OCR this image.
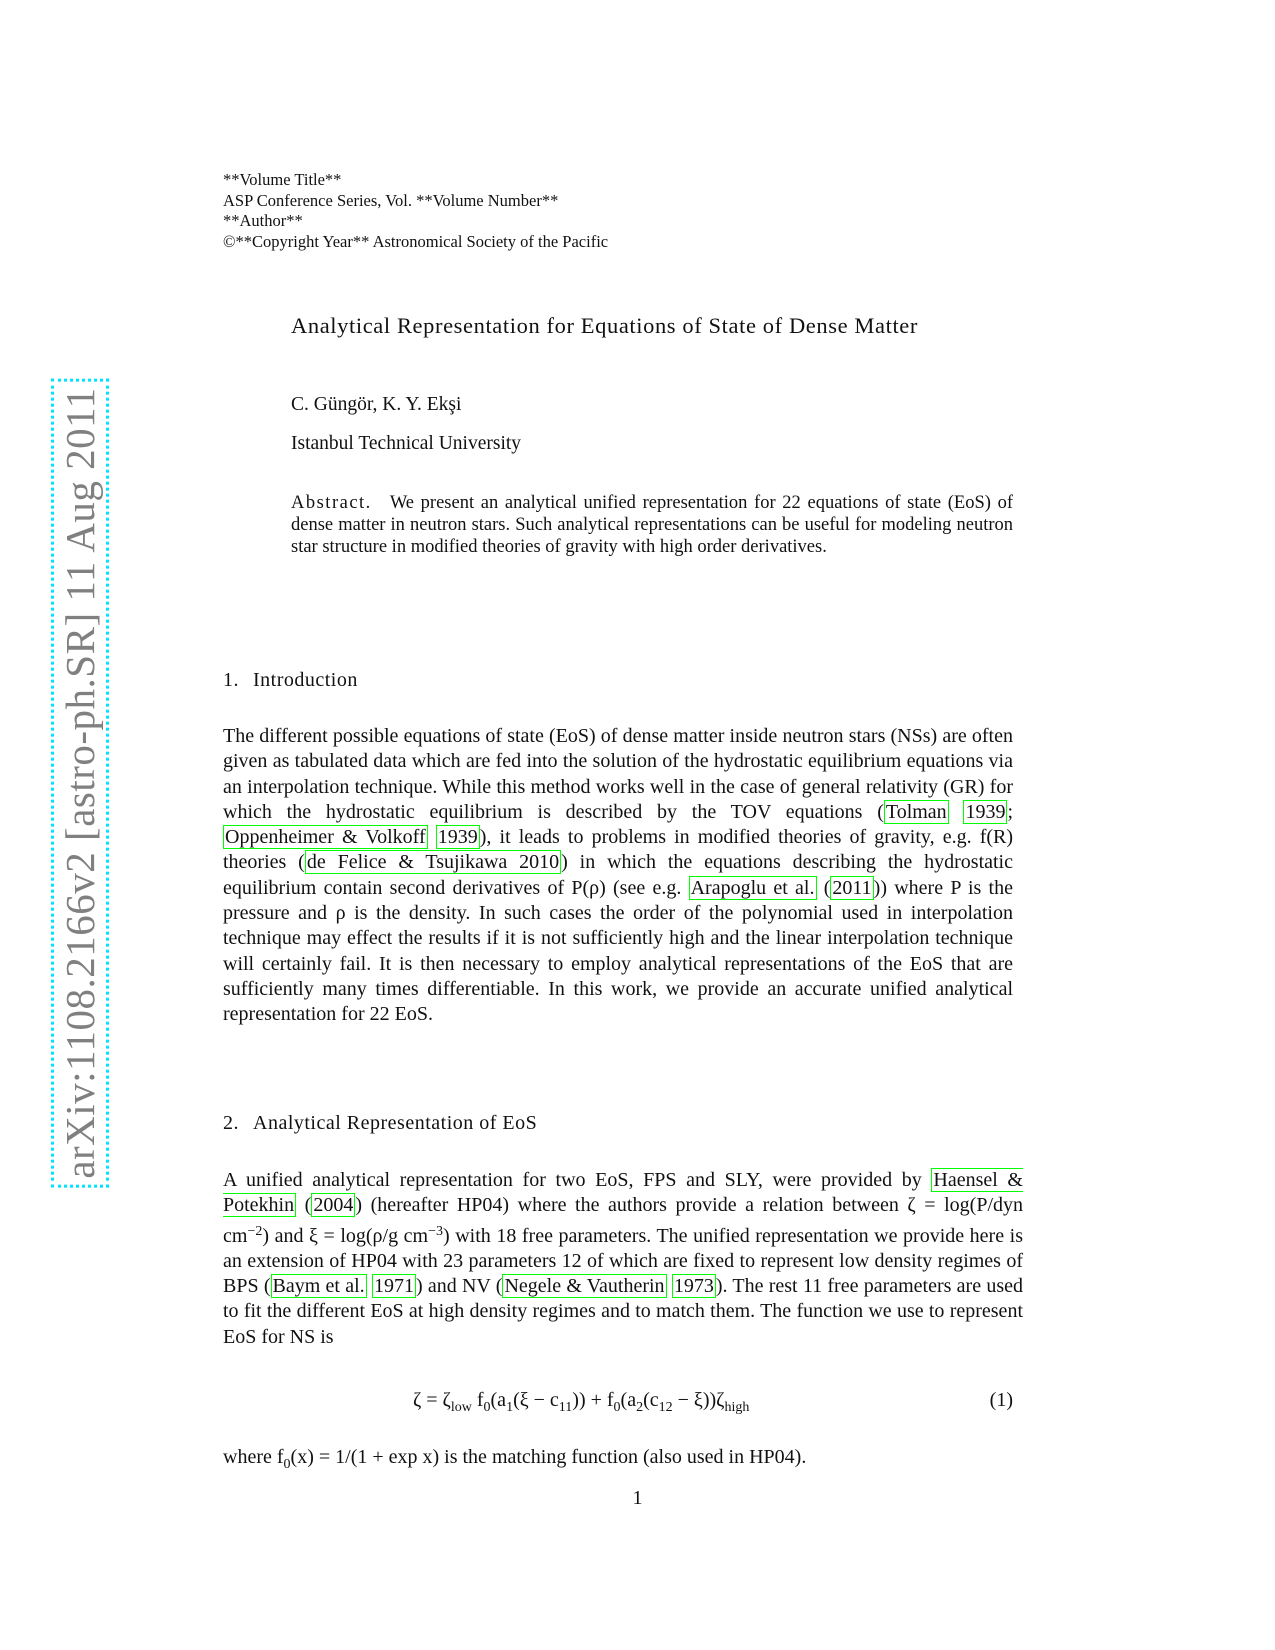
arXiv:1108.2166v2 [astro-ph.SR] 11 Aug 2011
**Volume Title**
ASP Conference Series, Vol. **Volume Number**
**Author**
©**Copyright Year** Astronomical Society of the Pacific
Analytical Representation for Equations of State of Dense Matter
C. Güngör, K. Y. Ekşi
Istanbul Technical University
Abstract. We present an analytical unified representation for 22 equations of state (EoS) of dense matter in neutron stars. Such analytical representations can be useful for modeling neutron star structure in modified theories of gravity with high order derivatives.
1. Introduction
The different possible equations of state (EoS) of dense matter inside neutron stars (NSs) are often given as tabulated data which are fed into the solution of the hydrostatic equilibrium equations via an interpolation technique. While this method works well in the case of general relativity (GR) for which the hydrostatic equilibrium is described by the TOV equations ( Tolman 1939 ; Oppenheimer & Volkoff 1939 ), it leads to problems in modified theories of gravity, e.g. f(R) theories ( de Felice & Tsujikawa 2010 ) in which the equations describing the hydrostatic equilibrium contain second derivatives of P(ρ) (see e.g. Arapoglu et al. ( 2011 )) where P is the pressure and ρ is the density. In such cases the order of the polynomial used in interpolation technique may effect the results if it is not sufficiently high and the linear interpolation technique will certainly fail. It is then necessary to employ analytical representations of the EoS that are sufficiently many times differentiable. In this work, we provide an accurate unified analytical representation for 22 EoS.
2. Analytical Representation of EoS
A unified analytical representation for two EoS, FPS and SLY, were provided by Haensel & Potekhin ( 2004 ) (hereafter HP04) where the authors provide a relation between ζ = log(P/dyn $cm^{-2}$) and ξ = log(ρ/g $cm^{-3}$) with 18 free parameters. The unified representation we provide here is an extension of HP04 with 23 parameters 12 of which are fixed to represent low density regimes of BPS ( Baym et al. 1971 ) and NV ( Negele & Vautherin 1973 ). The rest 11 free parameters are used to fit the different EoS at high density regimes and to match them. The function we use to represent EoS for NS is
$\zeta = \zeta_{low}$ $f_0(a_1(\xi - c_{11})) + f_0(a_2(c_{12} - \xi))\zeta_{high}$	(1)
where $f_0(x) = 1/(1 + \exp x)$ is the matching function (also used in HP04).
1
